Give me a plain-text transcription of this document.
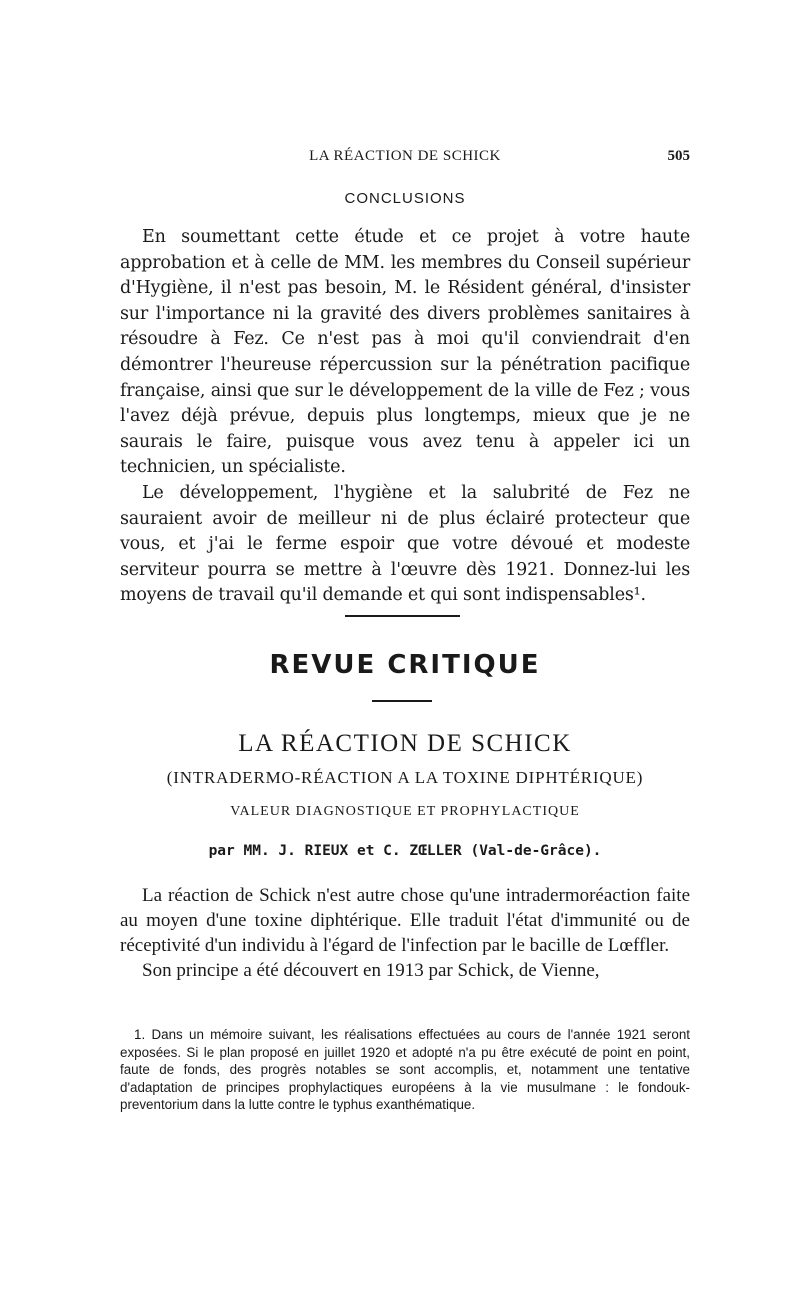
LA RÉACTION DE SCHICK	505
CONCLUSIONS

En soumettant cette étude et ce projet à votre haute approbation et à celle de MM. les membres du Conseil supérieur d'Hygiène, il n'est pas besoin, M. le Résident général, d'insister sur l'importance ni la gravité des divers problèmes sanitaires à résoudre à Fez. Ce n'est pas à moi qu'il conviendrait d'en démontrer l'heureuse répercussion sur la pénétration pacifique française, ainsi que sur le développement de la ville de Fez ; vous l'avez déjà prévue, depuis plus longtemps, mieux que je ne saurais le faire, puisque vous avez tenu à appeler ici un technicien, un spécialiste.

Le développement, l'hygiène et la salubrité de Fez ne sauraient avoir de meilleur ni de plus éclairé protecteur que vous, et j'ai le ferme espoir que votre dévoué et modeste serviteur pourra se mettre à l'œuvre dès 1921. Donnez-lui les moyens de travail qu'il demande et qui sont indispensables¹.

REVUE CRITIQUE
LA RÉACTION DE SCHICK
(INTRADERMO-RÉACTION A LA TOXINE DIPHTÉRIQUE)
VALEUR DIAGNOSTIQUE ET PROPHYLACTIQUE
par MM. J. RIEUX et C. ZŒLLER (Val-de-Grâce).

La réaction de Schick n'est autre chose qu'une intradermoréaction faite au moyen d'une toxine diphtérique. Elle traduit l'état d'immunité ou de réceptivité d'un individu à l'égard de l'infection par le bacille de Lœffler.

Son principe a été découvert en 1913 par Schick, de Vienne,

1. Dans un mémoire suivant, les réalisations effectuées au cours de l'année 1921 seront exposées. Si le plan proposé en juillet 1920 et adopté n'a pu être exécuté de point en point, faute de fonds, des progrès notables se sont accomplis, et, notamment une tentative d'adaptation de principes prophylactiques européens à la vie musulmane : le fondouk-preventorium dans la lutte contre le typhus exanthématique.
